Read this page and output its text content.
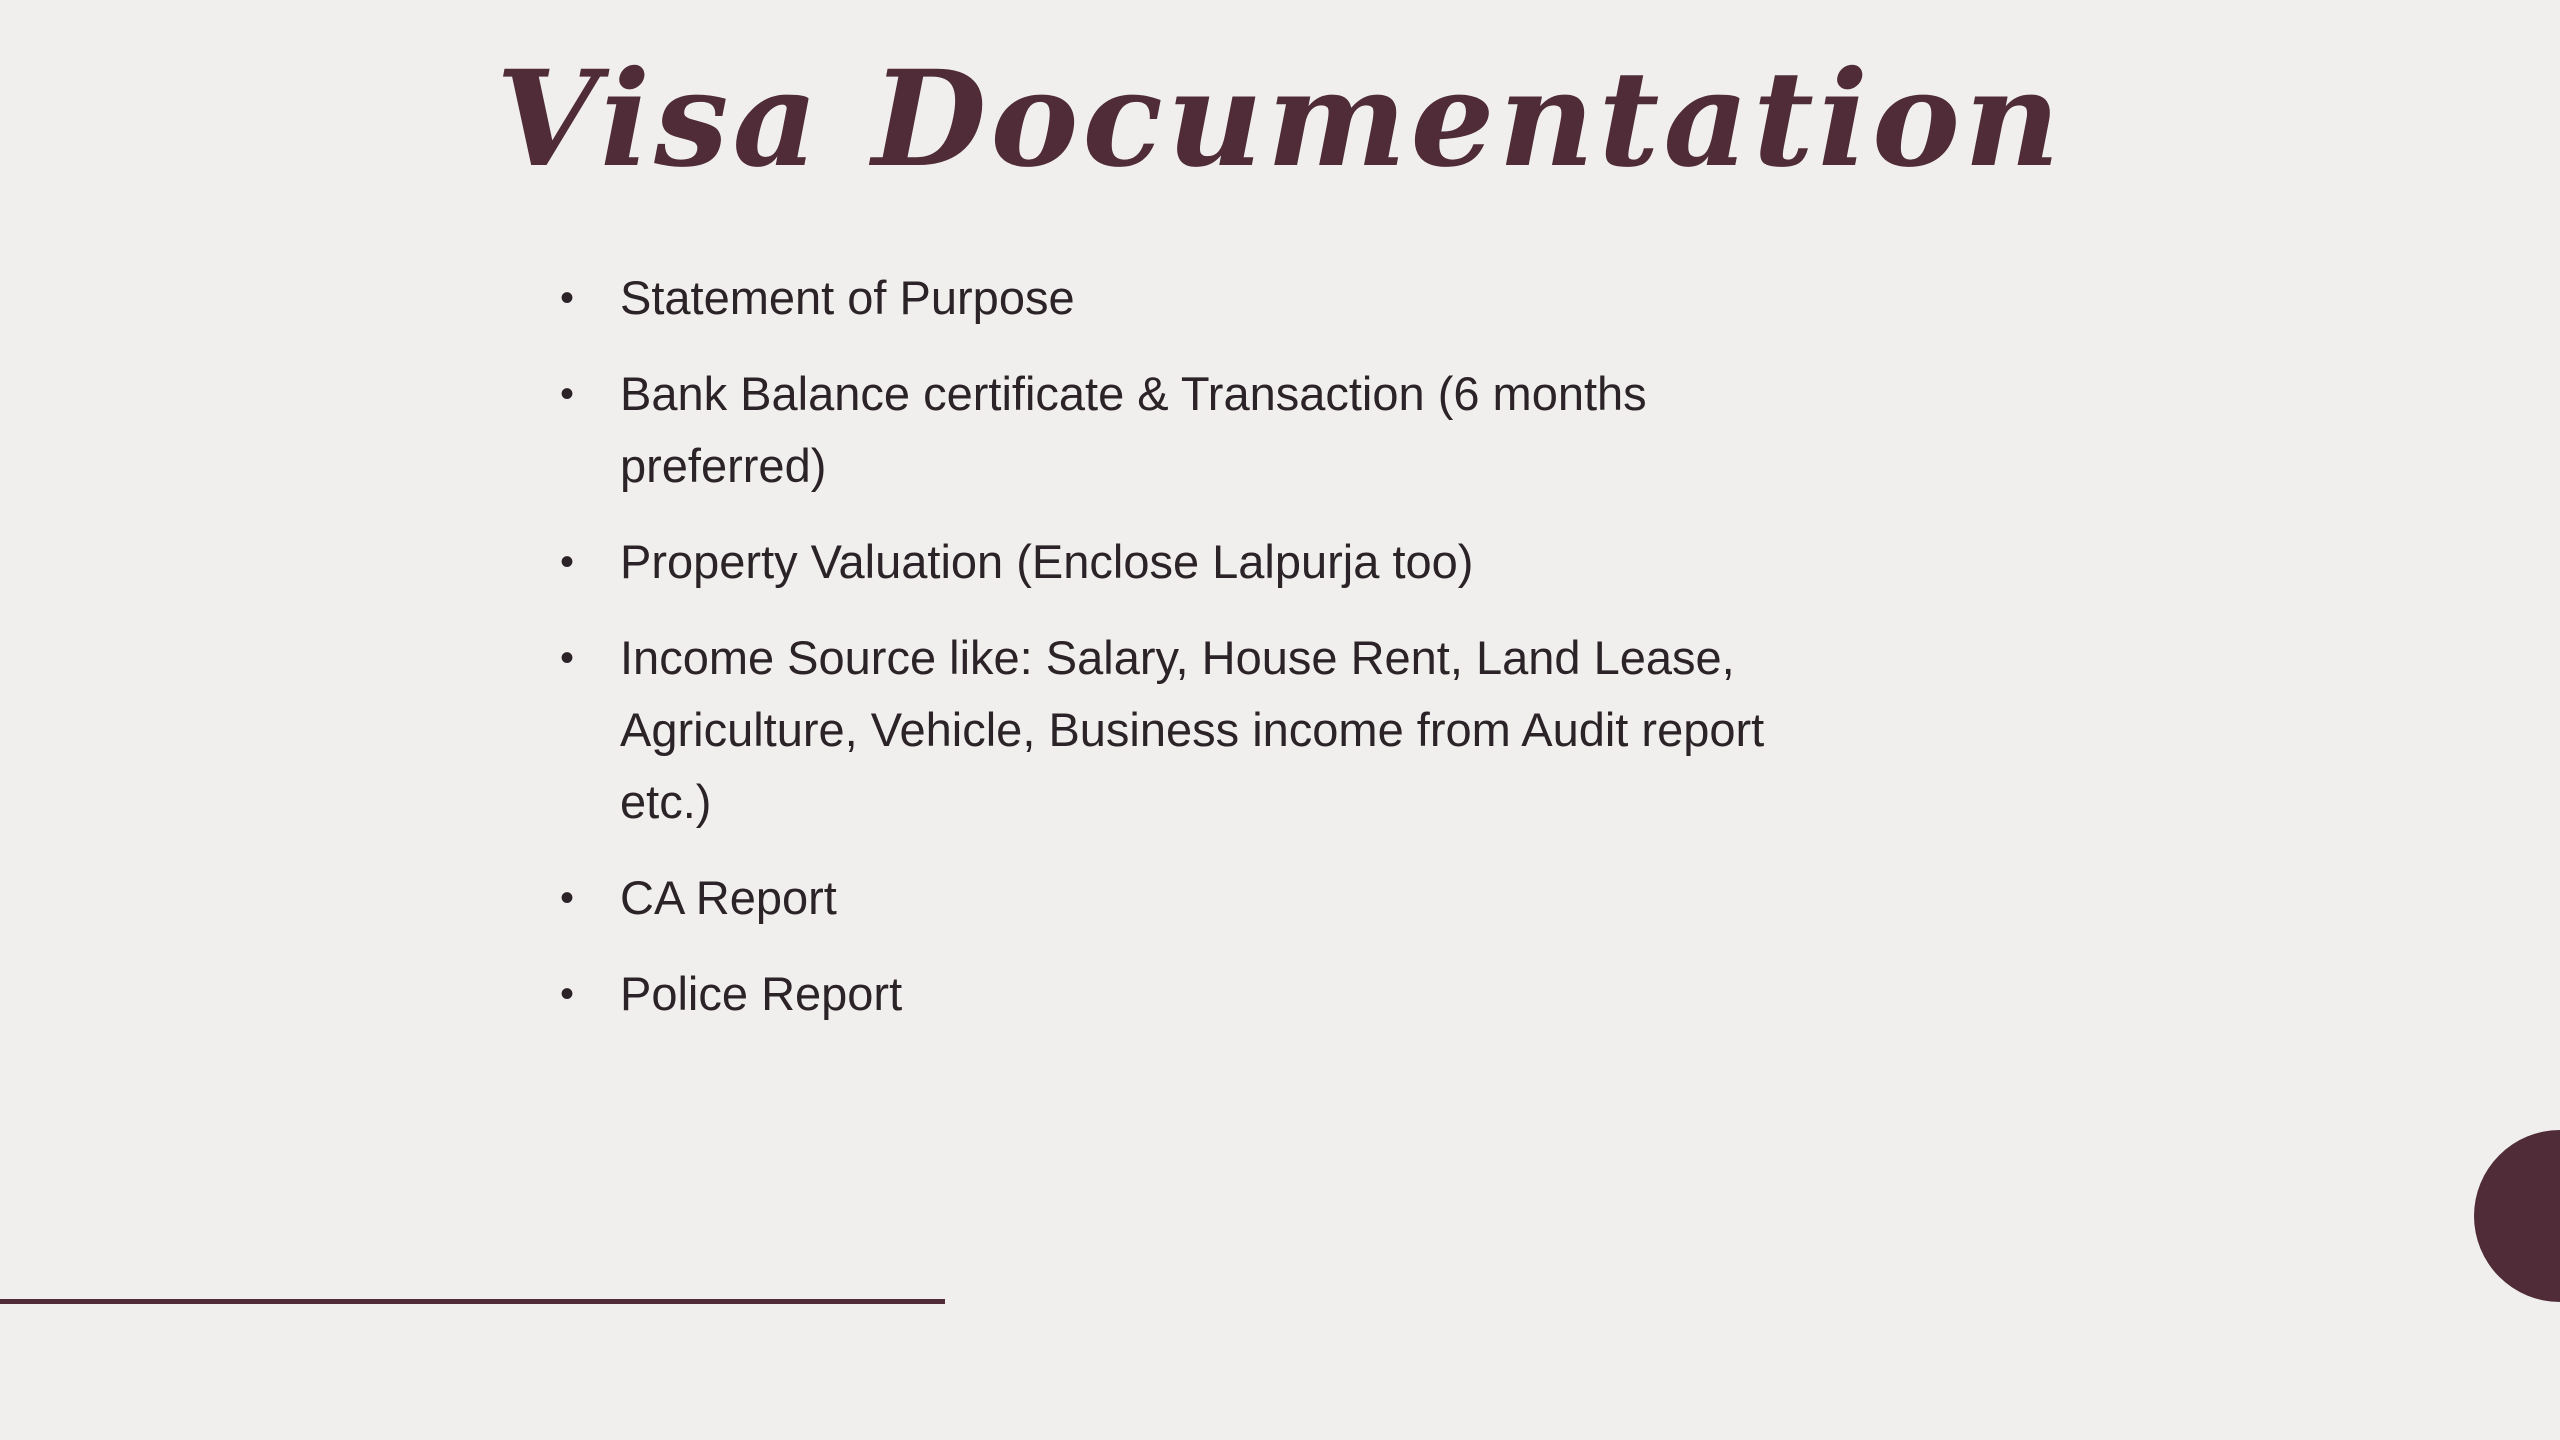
Visa Documentation
• Statement of Purpose
• Bank Balance certificate & Transaction (6 months preferred)
• Property Valuation (Enclose Lalpurja too)
• Income Source like: Salary, House Rent, Land Lease, Agriculture, Vehicle, Business income from Audit report etc.)
• CA Report
• Police Report
